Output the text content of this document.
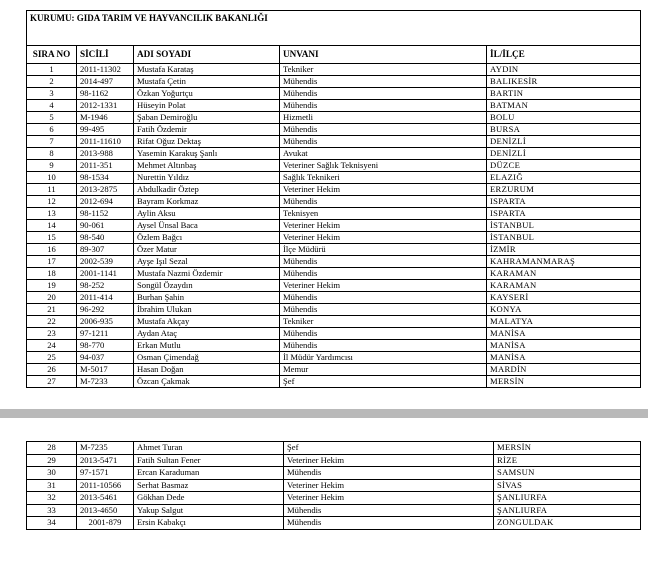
KURUMU: GIDA TARIM VE HAYVANCILIK BAKANLIĞI				
SIRA NO	SİCİLİ	ADI SOYADI	UNVANI	İL/İLÇE
1	2011-11302	Mustafa Karataş	Tekniker	AYDIN
2	2014-497	Mustafa Çetin	Mühendis	BALIKESİR
3	98-1162	Özkan Yoğurtçu	Mühendis	BARTIN
4	2012-1331	Hüseyin Polat	Mühendis	BATMAN
5	M-1946	Şaban Demiroğlu	Hizmetli	BOLU
6	99-495	Fatih Özdemir	Mühendis	BURSA
7	2011-11610	Rifat Oğuz Dektaş	Mühendis	DENİZLİ
8	2013-988	Yasemin Karakuş Şanlı	Avukat	DENİZLİ
9	2011-351	Mehmet Altınbaş	Veteriner Sağlık Teknisyeni	DÜZCE
10	98-1534	Nurettin Yıldız	Sağlık Teknikeri	ELAZIĞ
11	2013-2875	Abdulkadir Öztep	Veteriner Hekim	ERZURUM
12	2012-694	Bayram Korkmaz	Mühendis	ISPARTA
13	98-1152	Aylin Aksu	Teknisyen	ISPARTA
14	90-061	Aysel Ünsal Baca	Veteriner Hekim	İSTANBUL
15	98-540	Özlem Bağcı	Veteriner Hekim	İSTANBUL
16	89-307	Özer Matur	İlçe Müdürü	İZMİR
17	2002-539	Ayşe Işıl Sezal	Mühendis	KAHRAMANMARAŞ
18	2001-1141	Mustafa Nazmi Özdemir	Mühendis	KARAMAN
19	98-252	Songül Özaydın	Veteriner Hekim	KARAMAN
20	2011-414	Burhan Şahin	Mühendis	KAYSERİ
21	96-292	İbrahim Ulukan	Mühendis	KONYA
22	2006-935	Mustafa Akçay	Tekniker	MALATYA
23	97-1211	Aydan Ataç	Mühendis	MANİSA
24	98-770	Erkan Mutlu	Mühendis	MANİSA
25	94-037	Osman Çimendağ	İl Müdür Yardımcısı	MANİSA
26	M-5017	Hasan Doğan	Memur	MARDİN
27	M-7233	Özcan Çakmak	Şef	MERSİN
28	M-7235	Ahmet Turan	Şef	MERSİN
29	2013-5471	Fatih Sultan Fener	Veteriner Hekim	RİZE
30	97-1571	Ercan Karaduman	Mühendis	SAMSUN
31	2011-10566	Serhat Basmaz	Veteriner Hekim	SİVAS
32	2013-5461	Gökhan Dede	Veteriner Hekim	ŞANLIURFA
33	2013-4650	Yakup Salgut	Mühendis	ŞANLIURFA
34	2001-879	Ersin Kabakçı	Mühendis	ZONGULDAK
